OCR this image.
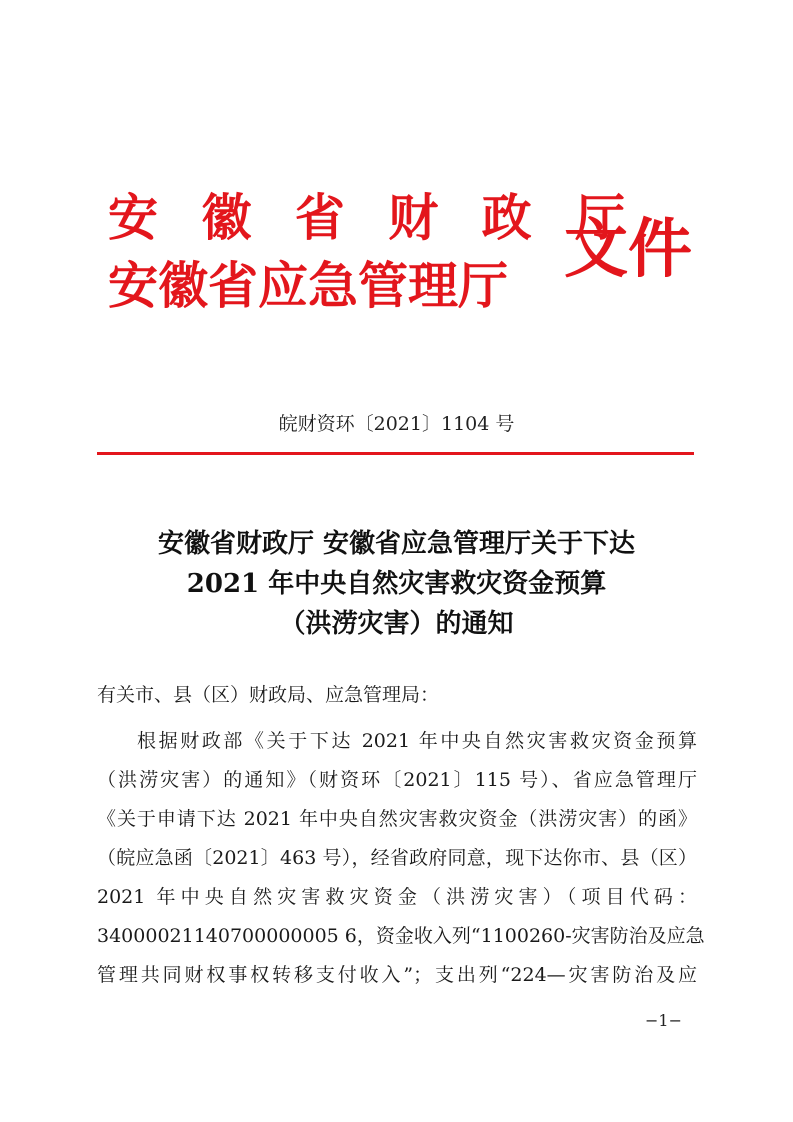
安 徽 省 财 政 厅
安徽省应急管理厅 文件
皖财资环〔2021〕1104 号
安徽省财政厅 安徽省应急管理厅关于下达
2021 年中央自然灾害救灾资金预算
（洪涝灾害）的通知
有关市、县（区）财政局、应急管理局：
根据财政部《关于下达 2021 年中央自然灾害救灾资金预算
（洪涝灾害）的通知》（财资环〔2021〕115 号）、省应急管理厅
《关于申请下达 2021 年中央自然灾害救灾资金（洪涝灾害）的函》
（皖应急函〔2021〕463 号），经省政府同意，现下达你市、县（区）
2021 年中央自然灾害救灾资金（洪涝灾害）（项目代码：
34000021140700000005 6，资金收入列“1100260-灾害防治及应急
管理共同财权事权转移支付收入”；支出列“224—灾害防治及应
−1−
